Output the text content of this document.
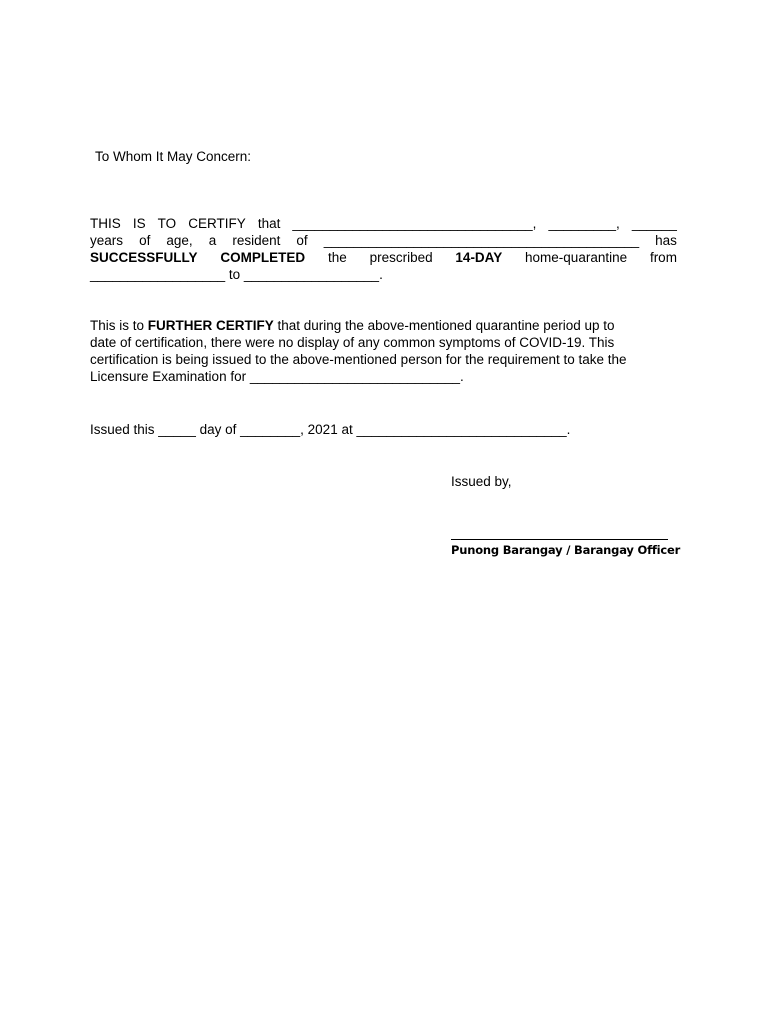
To Whom It May Concern:
THIS IS TO CERTIFY that ________________________________, _________, ______
years of age, a resident of __________________________________________ has
SUCCESSFULLY COMPLETED the prescribed 14-DAY home-quarantine from
__________________ to __________________.
This is to FURTHER CERTIFY that during the above-mentioned quarantine period up to
date of certification, there were no display of any common symptoms of COVID-19. This
certification is being issued to the above-mentioned person for the requirement to take the
Licensure Examination for ____________________________.
Issued this _____ day of ________, 2021 at ____________________________.
Issued by,
Punong Barangay / Barangay Officer
